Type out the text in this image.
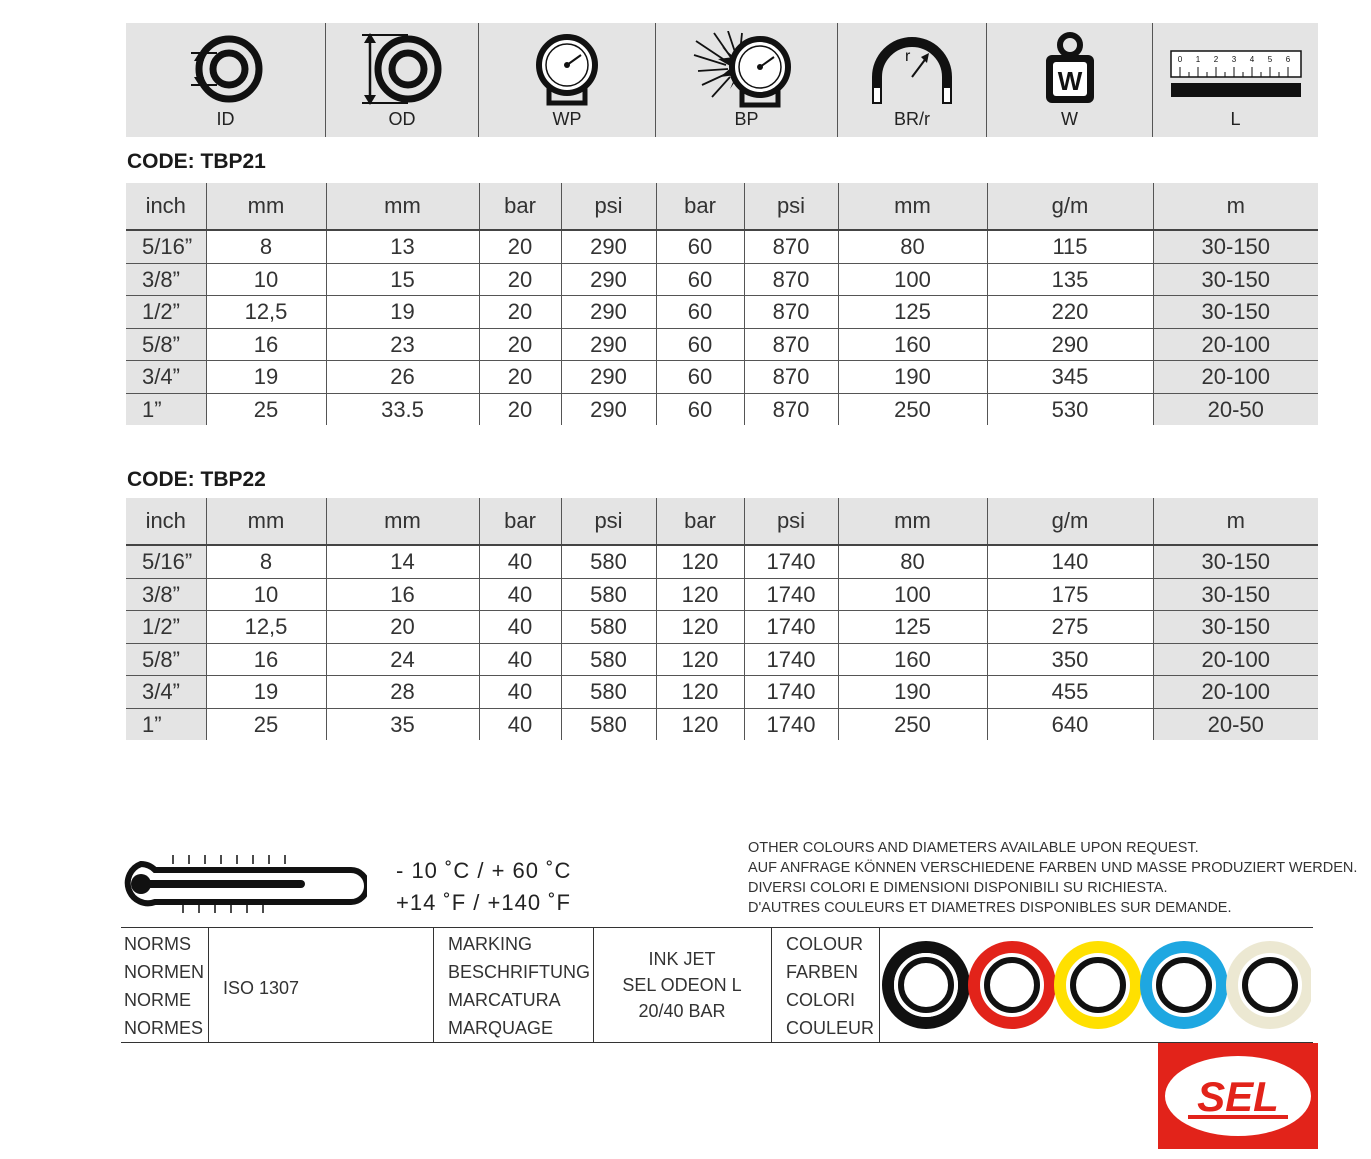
ID	OD	WP	BP
r
BR/r
W
W
0 1 2 3 4 5 6
L
CODE: TBP21
inch	mm	mm	bar	psi	bar	psi	mm	g/m	m
5/16”	8	13	20	290	60	870	80	115	30-150
3/8”	10	15	20	290	60	870	100	135	30-150
1/2”	12,5	19	20	290	60	870	125	220	30-150
5/8”	16	23	20	290	60	870	160	290	20-100
3/4”	19	26	20	290	60	870	190	345	20-100
1”	25	33.5	20	290	60	870	250	530	20-50
CODE: TBP22
inch	mm	mm	bar	psi	bar	psi	mm	g/m	m
5/16”	8	14	40	580	120	1740	80	140	30-150
3/8”	10	16	40	580	120	1740	100	175	30-150
1/2”	12,5	20	40	580	120	1740	125	275	30-150
5/8”	16	24	40	580	120	1740	160	350	20-100
3/4”	19	28	40	580	120	1740	190	455	20-100
1”	25	35	40	580	120	1740	250	640	20-50
- 10 ˚C / + 60 ˚C
+14 ˚F / +140 ˚F
OTHER COLOURS AND DIAMETERS AVAILABLE UPON REQUEST.
AUF ANFRAGE KÖNNEN VERSCHIEDENE FARBEN UND MASSE PRODUZIERT WERDEN.
DIVERSI COLORI E DIMENSIONI DISPONIBILI SU RICHIESTA.
D'AUTRES COULEURS ET DIAMETRES DISPONIBLES SUR DEMANDE.
NORMS
NORMEN
NORME
NORMES
ISO 1307
MARKING
BESCHRIFTUNG
MARCATURA
MARQUAGE
INK JET
SEL ODEON L
20/40 BAR
COLOUR
FARBEN
COLORI
COULEUR
SEL
